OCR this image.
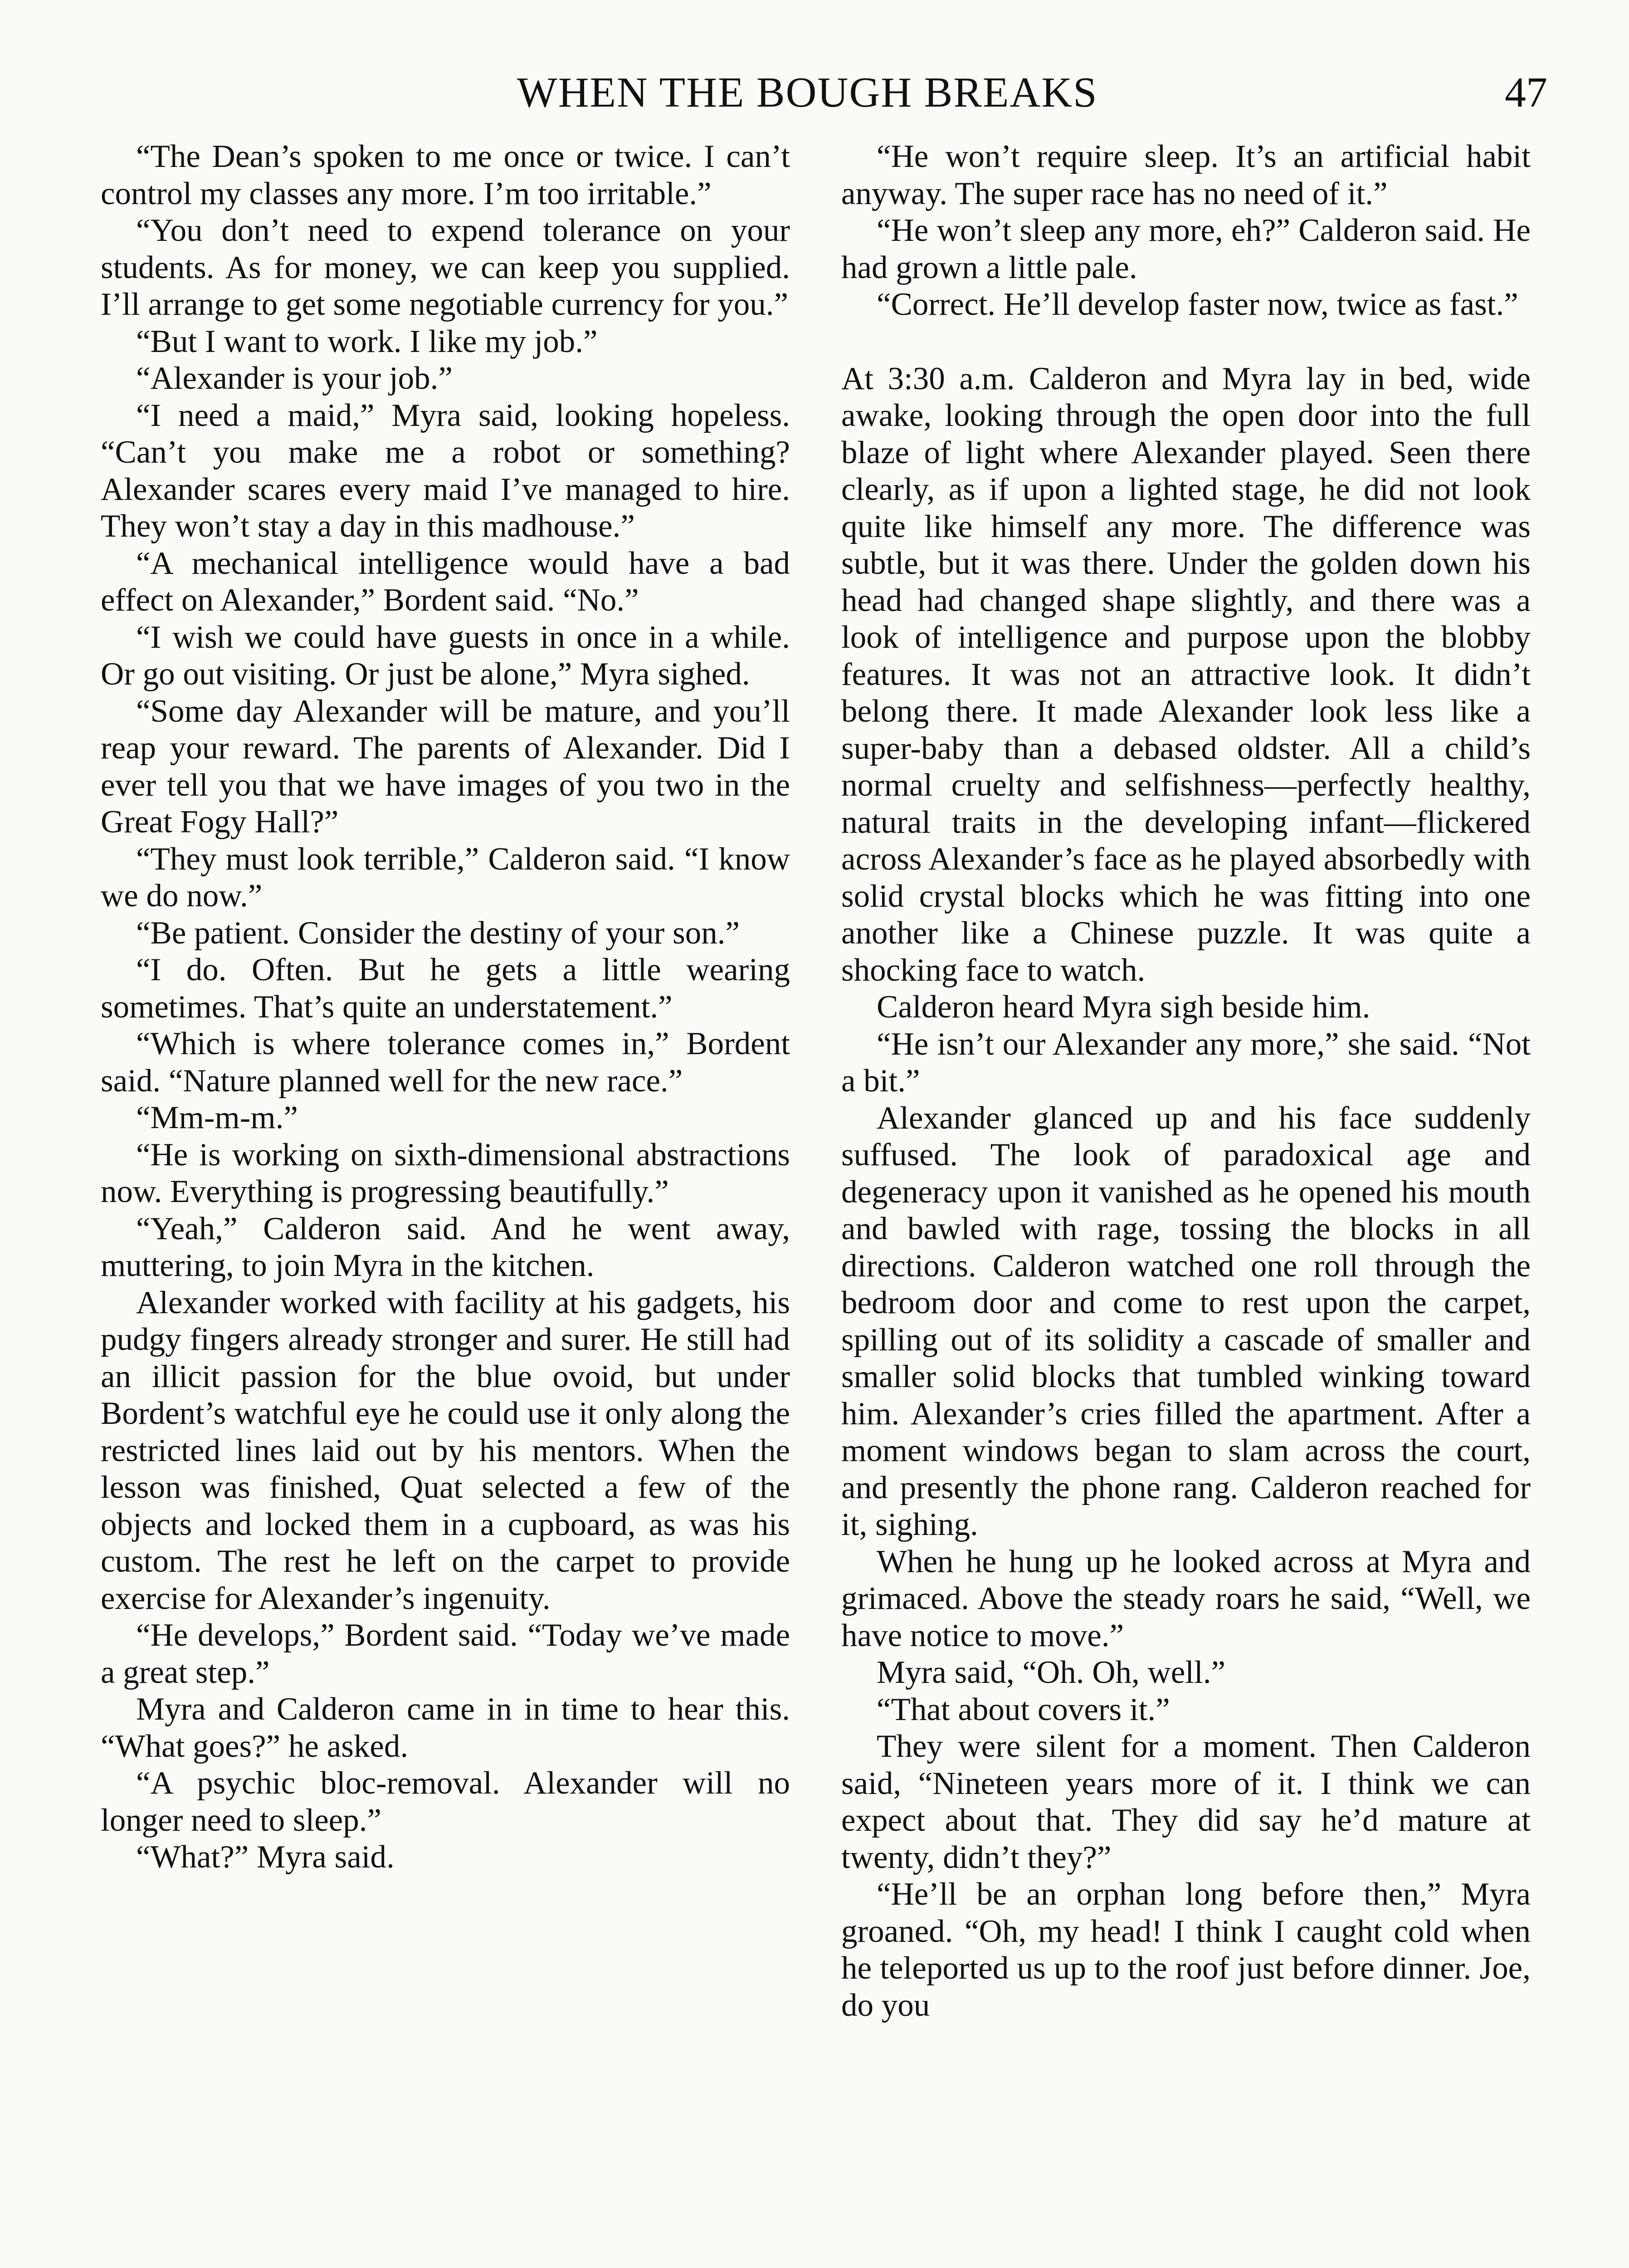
WHEN THE BOUGH BREAKS	47

“The Dean’s spoken to me once or twice. I can’t control my classes any more. I’m too irritable.”

“You don’t need to expend tolerance on your students. As for money, we can keep you supplied. I’ll arrange to get some negotiable currency for you.”

“But I want to work. I like my job.”

“Alexander is your job.”

“I need a maid,” Myra said, looking hopeless. “Can’t you make me a robot or something? Alexander scares every maid I’ve managed to hire. They won’t stay a day in this madhouse.”

“A mechanical intelligence would have a bad effect on Alexander,” Bordent said. “No.”

“I wish we could have guests in once in a while. Or go out visiting. Or just be alone,” Myra sighed.

“Some day Alexander will be mature, and you’ll reap your reward. The parents of Alexander. Did I ever tell you that we have images of you two in the Great Fogy Hall?”

“They must look terrible,” Calderon said. “I know we do now.”

“Be patient. Consider the destiny of your son.”

“I do. Often. But he gets a little wearing sometimes. That’s quite an understatement.”

“Which is where tolerance comes in,” Bordent said. “Nature planned well for the new race.”

“Mm-m-m.”

“He is working on sixth-dimensional abstractions now. Everything is progressing beautifully.”

“Yeah,” Calderon said. And he went away, muttering, to join Myra in the kitchen.

Alexander worked with facility at his gadgets, his pudgy fingers already stronger and surer. He still had an illicit passion for the blue ovoid, but under Bordent’s watchful eye he could use it only along the restricted lines laid out by his mentors. When the lesson was finished, Quat selected a few of the objects and locked them in a cupboard, as was his custom. The rest he left on the carpet to provide exercise for Alexander’s ingenuity.

“He develops,” Bordent said. “Today we’ve made a great step.”

Myra and Calderon came in in time to hear this. “What goes?” he asked.

“A psychic bloc-removal. Alexander will no longer need to sleep.”

“What?” Myra said.

“He won’t require sleep. It’s an artificial habit anyway. The super race has no need of it.”

“He won’t sleep any more, eh?” Calderon said. He had grown a little pale.

“Correct. He’ll develop faster now, twice as fast.”

At 3:30 a.m. Calderon and Myra lay in bed, wide awake, looking through the open door into the full blaze of light where Alexander played. Seen there clearly, as if upon a lighted stage, he did not look quite like himself any more. The difference was subtle, but it was there. Under the golden down his head had changed shape slightly, and there was a look of intelligence and purpose upon the blobby features. It was not an attractive look. It didn’t belong there. It made Alexander look less like a super-baby than a debased oldster. All a child’s normal cruelty and selfishness—perfectly healthy, natural traits in the developing infant—flickered across Alexander’s face as he played absorbedly with solid crystal blocks which he was fitting into one another like a Chinese puzzle. It was quite a shocking face to watch.

Calderon heard Myra sigh beside him.

“He isn’t our Alexander any more,” she said. “Not a bit.”

Alexander glanced up and his face suddenly suffused. The look of paradoxical age and degeneracy upon it vanished as he opened his mouth and bawled with rage, tossing the blocks in all directions. Calderon watched one roll through the bedroom door and come to rest upon the carpet, spilling out of its solidity a cascade of smaller and smaller solid blocks that tumbled winking toward him. Alexander’s cries filled the apartment. After a moment windows began to slam across the court, and presently the phone rang. Calderon reached for it, sighing.

When he hung up he looked across at Myra and grimaced. Above the steady roars he said, “Well, we have notice to move.”

Myra said, “Oh. Oh, well.”

“That about covers it.”

They were silent for a moment. Then Calderon said, “Nineteen years more of it. I think we can expect about that. They did say he’d mature at twenty, didn’t they?”

“He’ll be an orphan long before then,” Myra groaned. “Oh, my head! I think I caught cold when he teleported us up to the roof just before dinner. Joe, do you
